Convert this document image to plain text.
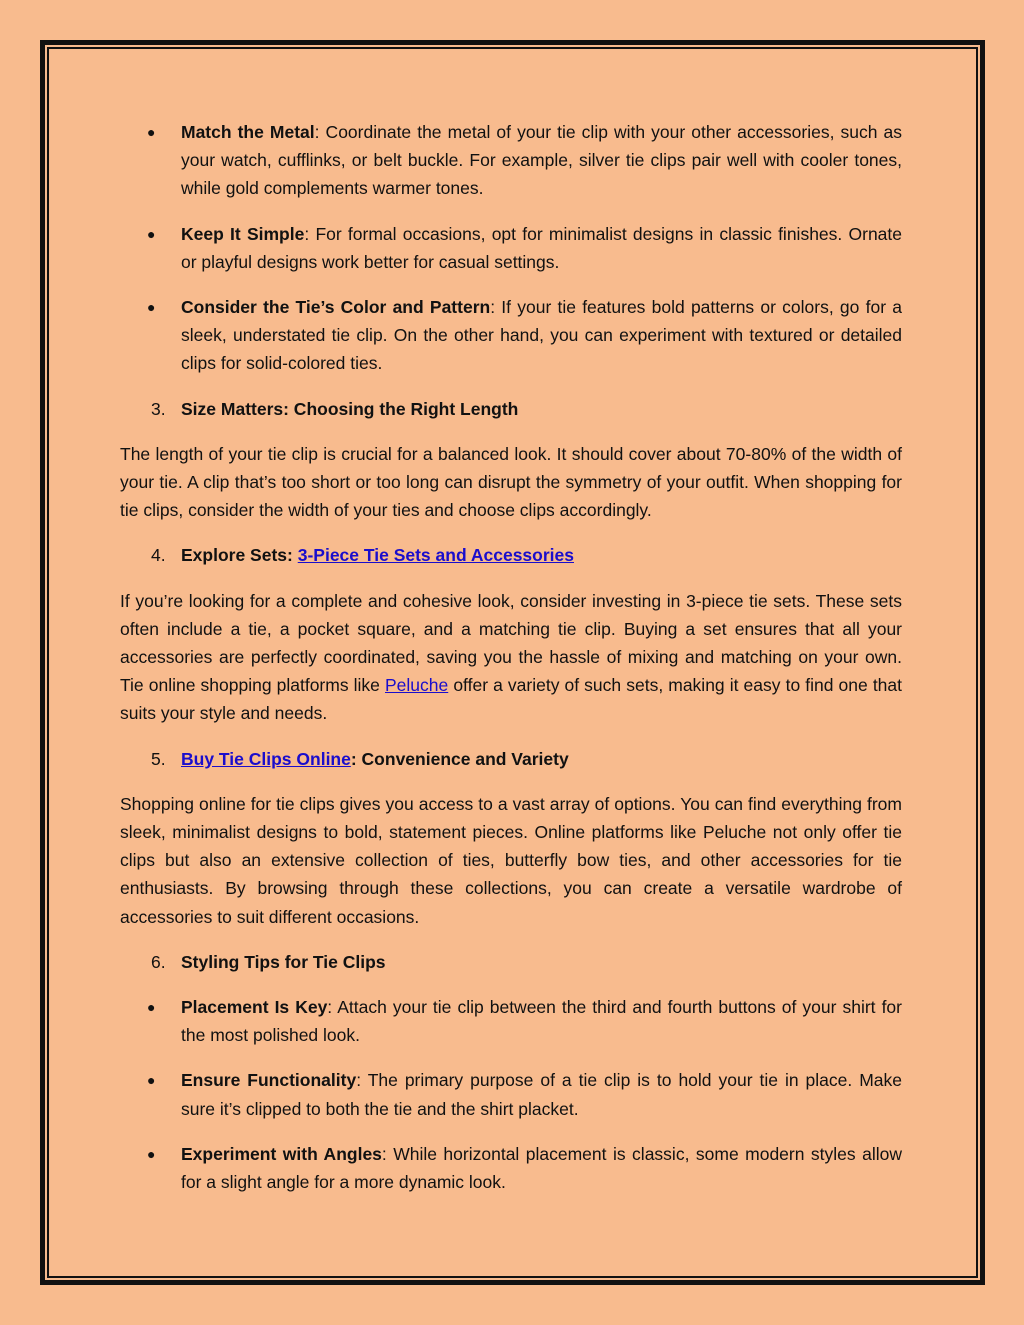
●	Match the Metal: Coordinate the metal of your tie clip with your other accessories, such as your watch, cufflinks, or belt buckle. For example, silver tie clips pair well with cooler tones, while gold complements warmer tones.
●	Keep It Simple: For formal occasions, opt for minimalist designs in classic finishes. Ornate or playful designs work better for casual settings.
●	Consider the Tie’s Color and Pattern: If your tie features bold patterns or colors, go for a sleek, understated tie clip. On the other hand, you can experiment with textured or detailed clips for solid-colored ties.
3. Size Matters: Choosing the Right Length
The length of your tie clip is crucial for a balanced look. It should cover about 70-80% of the width of your tie. A clip that’s too short or too long can disrupt the symmetry of your outfit. When shopping for tie clips, consider the width of your ties and choose clips accordingly.
4. Explore Sets: 3-Piece Tie Sets and Accessories
If you’re looking for a complete and cohesive look, consider investing in 3-piece tie sets. These sets often include a tie, a pocket square, and a matching tie clip. Buying a set ensures that all your accessories are perfectly coordinated, saving you the hassle of mixing and matching on your own. Tie online shopping platforms like Peluche offer a variety of such sets, making it easy to find one that suits your style and needs.
5. Buy Tie Clips Online: Convenience and Variety
Shopping online for tie clips gives you access to a vast array of options. You can find everything from sleek, minimalist designs to bold, statement pieces. Online platforms like Peluche not only offer tie clips but also an extensive collection of ties, butterfly bow ties, and other accessories for tie enthusiasts. By browsing through these collections, you can create a versatile wardrobe of accessories to suit different occasions.
6. Styling Tips for Tie Clips
●	Placement Is Key: Attach your tie clip between the third and fourth buttons of your shirt for the most polished look.
●	Ensure Functionality: The primary purpose of a tie clip is to hold your tie in place. Make sure it’s clipped to both the tie and the shirt placket.
●	Experiment with Angles: While horizontal placement is classic, some modern styles allow for a slight angle for a more dynamic look.
